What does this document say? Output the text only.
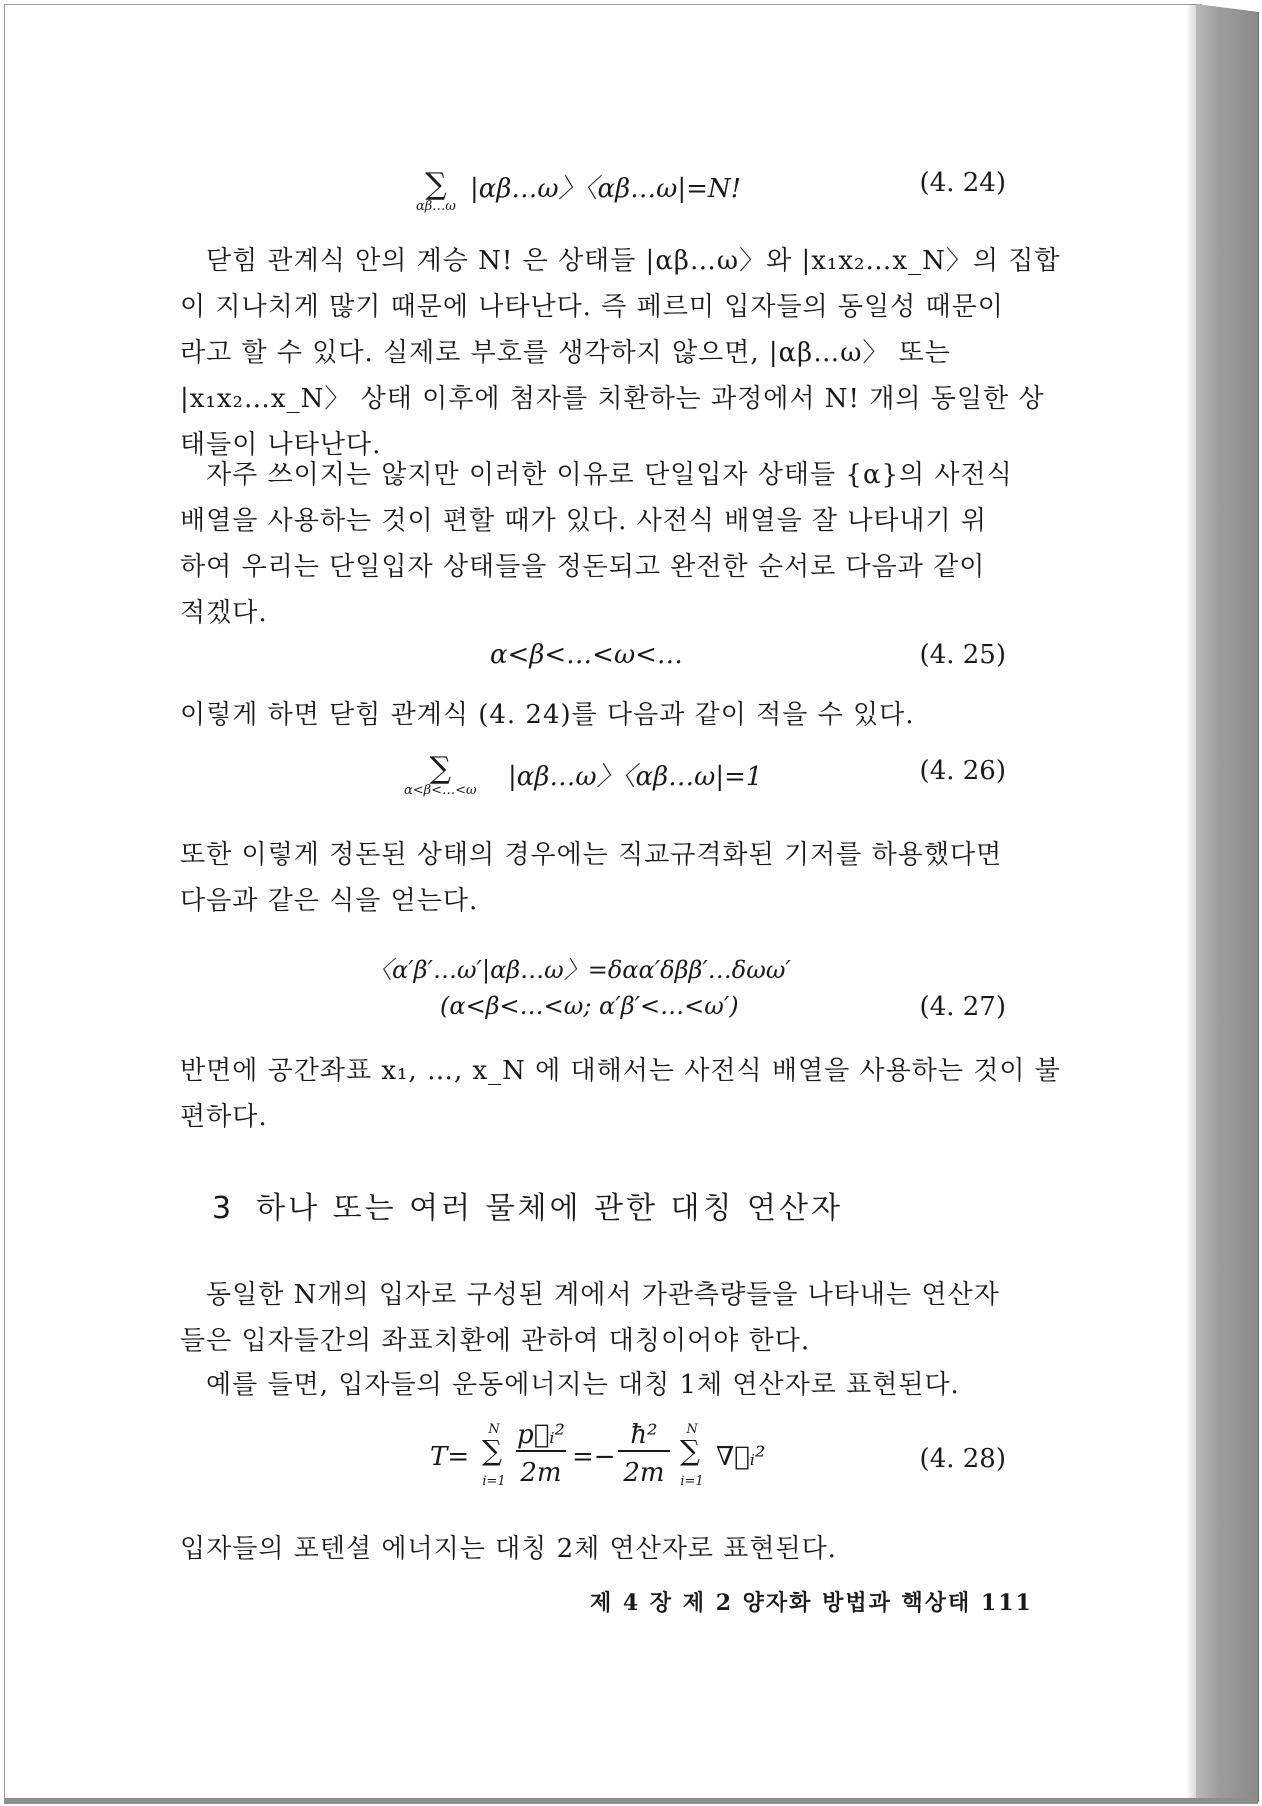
∑
αβ…ω
|αβ…ω〉〈αβ…ω|=N!	(4. 24)
닫힘 관계식 안의 계승 N! 은 상태들 |αβ…ω〉와 |x₁x₂…x_N〉의 집합
이 지나치게 많기 때문에 나타난다. 즉 페르미 입자들의 동일성 때문이
라고 할 수 있다. 실제로 부호를 생각하지 않으면, |αβ…ω〉 또는
|x₁x₂…x_N〉 상태 이후에 첨자를 치환하는 과정에서 N! 개의 동일한 상
태들이 나타난다.
자주 쓰이지는 않지만 이러한 이유로 단일입자 상태들 {α}의 사전식
배열을 사용하는 것이 편할 때가 있다. 사전식 배열을 잘 나타내기 위
하여 우리는 단일입자 상태들을 정돈되고 완전한 순서로 다음과 같이
적겠다.
α<β<…<ω<…	(4. 25)
이렇게 하면 닫힘 관계식 (4. 24)를 다음과 같이 적을 수 있다.
∑
α<β<…<ω |αβ…ω〉〈αβ…ω|=1	(4. 26)
또한 이렇게 정돈된 상태의 경우에는 직교규격화된 기저를 하용했다면
다음과 같은 식을 얻는다.
〈α′β′…ω′|αβ…ω〉=δαα′δββ′…δωω′
(α<β<…<ω; α′β′<…<ω′)	(4. 27)
반면에 공간좌표 x₁, …, x_N 에 대해서는 사전식 배열을 사용하는 것이 불
편하다.
3 하나 또는 여러 물체에 관한 대칭 연산자
동일한 N개의 입자로 구성된 계에서 가관측량들을 나타내는 연산자
들은 입자들간의 좌표치환에 관하여 대칭이어야 한다.
예를 들면, 입자들의 운동에너지는 대칭 1체 연산자로 표현된다.
T=
N
∑
i=1
p⃗ᵢ²
2m
=−
ħ²
2m
N
∑
i=1
∇⃗ᵢ²	(4. 28)
입자들의 포텐셜 에너지는 대칭 2체 연산자로 표현된다.
제 4 장 제 2 양자화 방법과 핵상태 111
